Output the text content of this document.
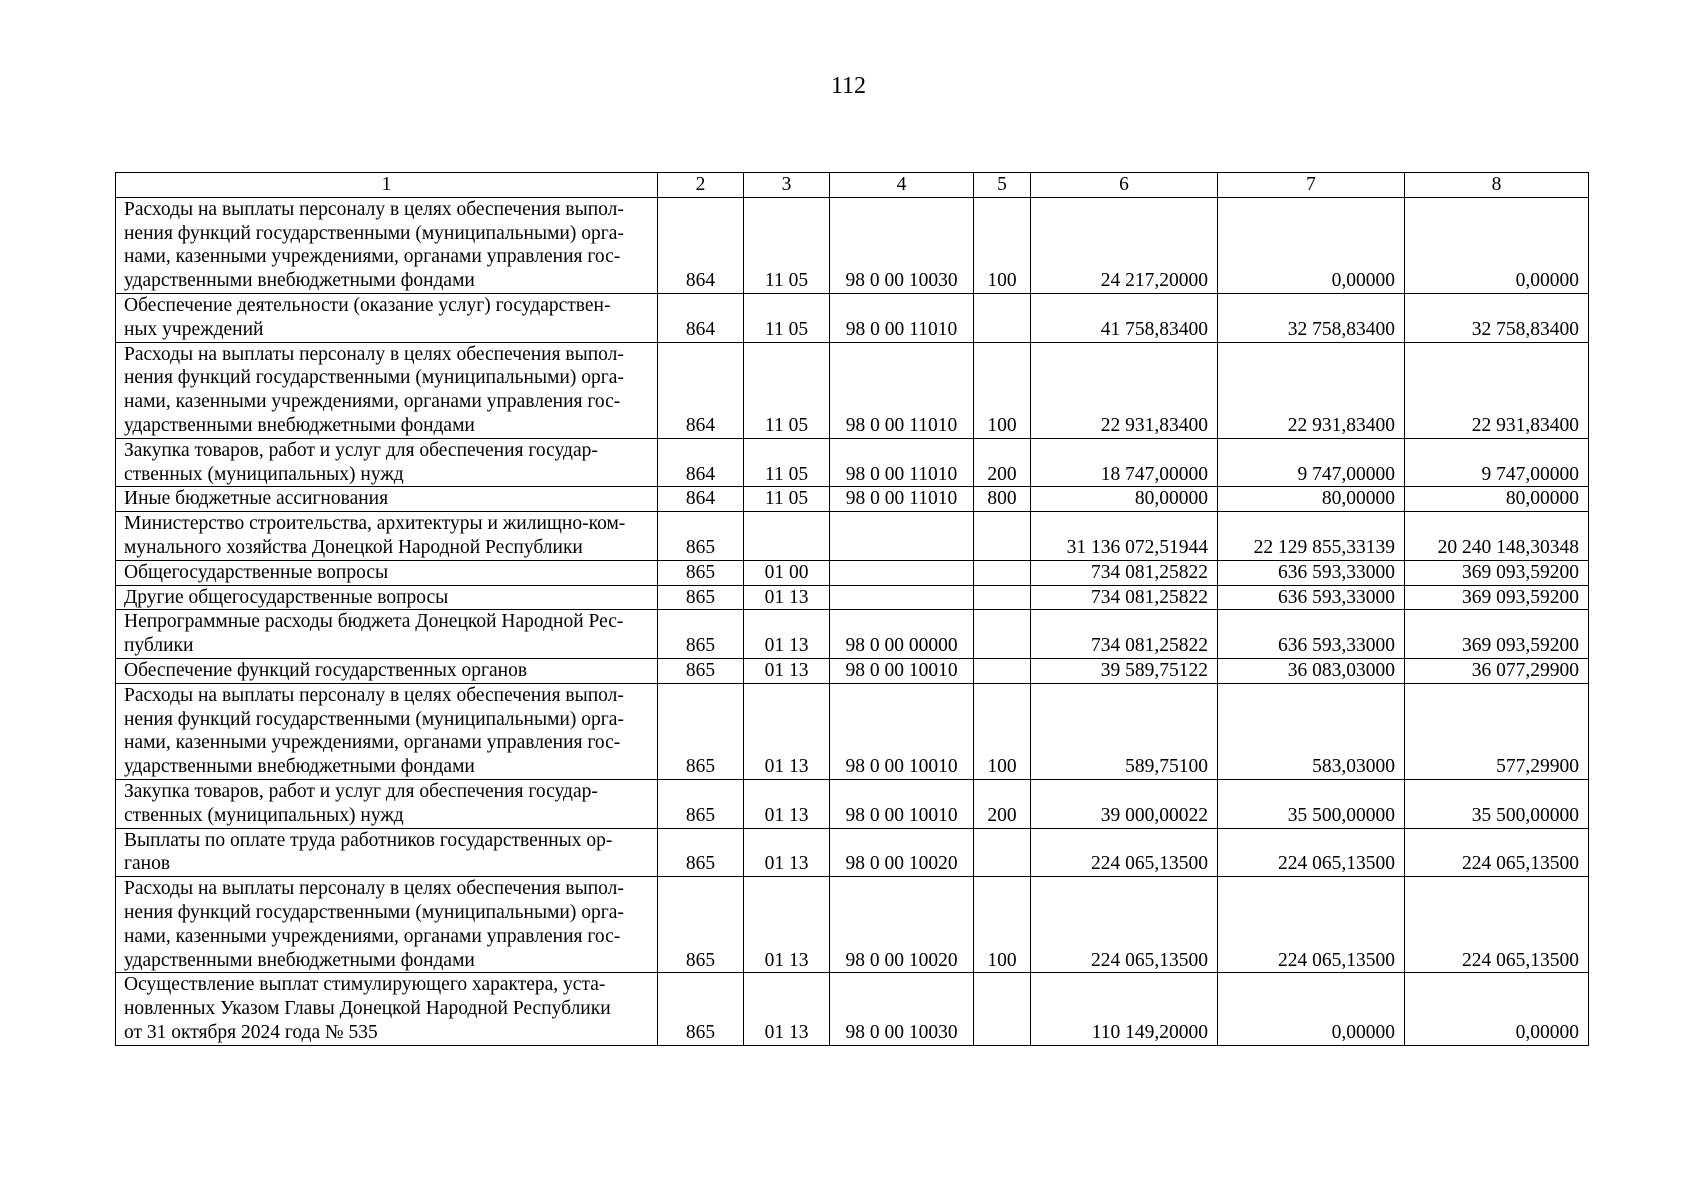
112
1	2	3	4	5	6	7	8

Расходы на выплаты персоналу в целях обеспечения выпол-
нения функций государственными (муниципальными) орга-
нами, казенными учреждениями, органами управления гос-
ударственными внебюджетными фондами	864	11 05	98 0 00 10030	100	24 217,20000	0,00000	0,00000

Обеспечение деятельности (оказание услуг) государствен-
ных учреждений	864	11 05	98 0 00 11010		41 758,83400	32 758,83400	32 758,83400

Расходы на выплаты персоналу в целях обеспечения выпол-
нения функций государственными (муниципальными) орга-
нами, казенными учреждениями, органами управления гос-
ударственными внебюджетными фондами	864	11 05	98 0 00 11010	100	22 931,83400	22 931,83400	22 931,83400

Закупка товаров, работ и услуг для обеспечения государ-
ственных (муниципальных) нужд	864	11 05	98 0 00 11010	200	18 747,00000	9 747,00000	9 747,00000

Иные бюджетные ассигнования	864	11 05	98 0 00 11010	800	80,00000	80,00000	80,00000

Министерство строительства, архитектуры и жилищно-ком-
мунального хозяйства Донецкой Народной Республики	865				31 136 072,51944	22 129 855,33139	20 240 148,30348

Общегосударственные вопросы	865	01 00			734 081,25822	636 593,33000	369 093,59200

Другие общегосударственные вопросы	865	01 13			734 081,25822	636 593,33000	369 093,59200

Непрограммные расходы бюджета Донецкой Народной Рес-
публики	865	01 13	98 0 00 00000		734 081,25822	636 593,33000	369 093,59200

Обеспечение функций государственных органов	865	01 13	98 0 00 10010		39 589,75122	36 083,03000	36 077,29900

Расходы на выплаты персоналу в целях обеспечения выпол-
нения функций государственными (муниципальными) орга-
нами, казенными учреждениями, органами управления гос-
ударственными внебюджетными фондами	865	01 13	98 0 00 10010	100	589,75100	583,03000	577,29900

Закупка товаров, работ и услуг для обеспечения государ-
ственных (муниципальных) нужд	865	01 13	98 0 00 10010	200	39 000,00022	35 500,00000	35 500,00000

Выплаты по оплате труда работников государственных ор-
ганов	865	01 13	98 0 00 10020		224 065,13500	224 065,13500	224 065,13500

Расходы на выплаты персоналу в целях обеспечения выпол-
нения функций государственными (муниципальными) орга-
нами, казенными учреждениями, органами управления гос-
ударственными внебюджетными фондами	865	01 13	98 0 00 10020	100	224 065,13500	224 065,13500	224 065,13500

Осуществление выплат стимулирующего характера, уста-
новленных Указом Главы Донецкой Народной Республики
от 31 октября 2024 года № 535	865	01 13	98 0 00 10030		110 149,20000	0,00000	0,00000
